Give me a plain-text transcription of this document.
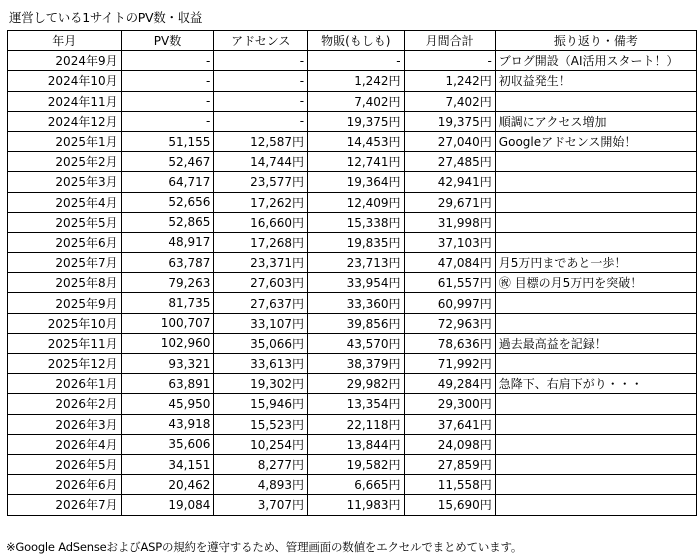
運営している1サイトのPV数・収益
年月	PV数	アドセンス	物販(もしも)	月間合計	振り返り・備考
2024年9月	-	-	-	-	ブログ開設（AI活用スタート！）
2024年10月	-	-	1,242円	1,242円	初収益発生！
2024年11月	-	-	7,402円	7,402円	
2024年12月	-	-	19,375円	19,375円	順調にアクセス増加
2025年1月	51,155	12,587円	14,453円	27,040円	Googleアドセンス開始！
2025年2月	52,467	14,744円	12,741円	27,485円	
2025年3月	64,717	23,577円	19,364円	42,941円	
2025年4月	52,656	17,262円	12,409円	29,671円	
2025年5月	52,865	16,660円	15,338円	31,998円	
2025年6月	48,917	17,268円	19,835円	37,103円	
2025年7月	63,787	23,371円	23,713円	47,084円	月5万円まであと一歩！
2025年8月	79,263	27,603円	33,954円	61,557円	㊗ 目標の月5万円を突破！
2025年9月	81,735	27,637円	33,360円	60,997円	
2025年10月	100,707	33,107円	39,856円	72,963円	
2025年11月	102,960	35,066円	43,570円	78,636円	過去最高益を記録！
2025年12月	93,321	33,613円	38,379円	71,992円	
2026年1月	63,891	19,302円	29,982円	49,284円	急降下、右肩下がり・・・
2026年2月	45,950	15,946円	13,354円	29,300円	
2026年3月	43,918	15,523円	22,118円	37,641円	
2026年4月	35,606	10,254円	13,844円	24,098円	
2026年5月	34,151	8,277円	19,582円	27,859円	
2026年6月	20,462	4,893円	6,665円	11,558円	
2026年7月	19,084	3,707円	11,983円	15,690円	
※Google AdSenseおよびASPの規約を遵守するため、管理画面の数値をエクセルでまとめています。
